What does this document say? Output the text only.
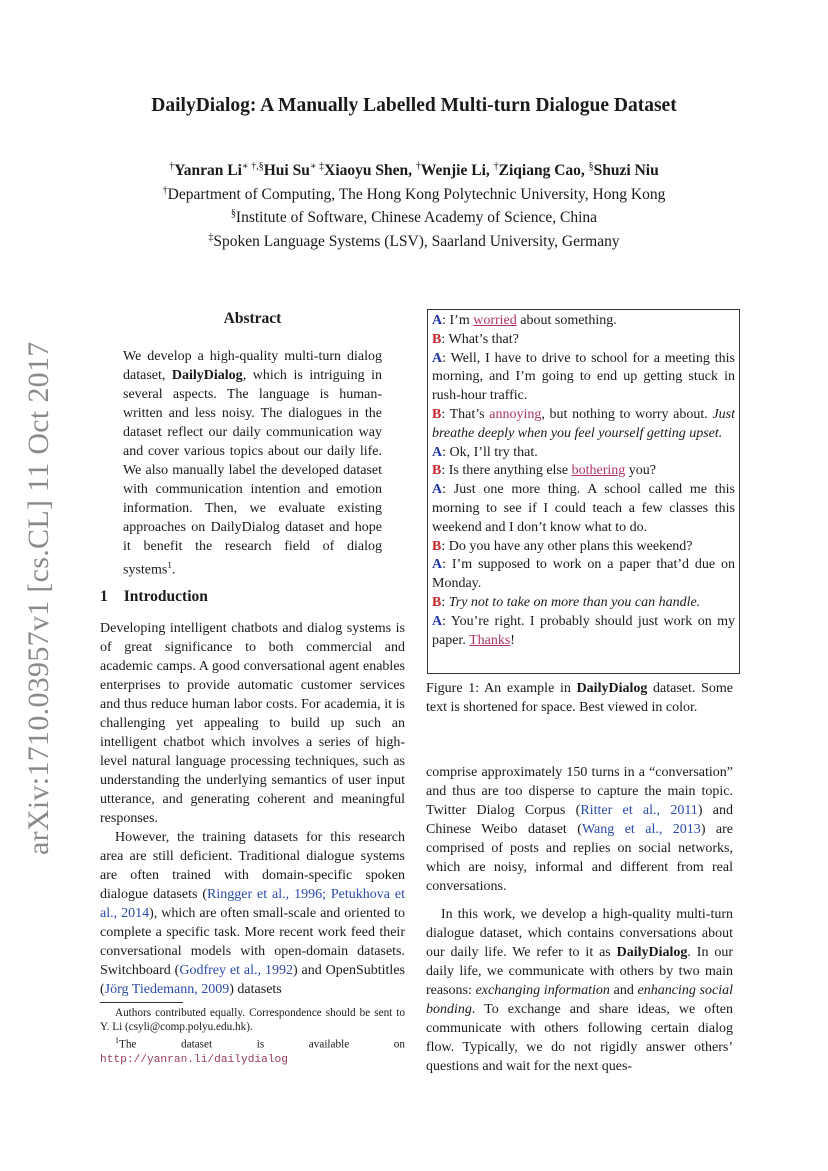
arXiv:1710.03957v1 [cs.CL] 11 Oct 2017
DailyDialog: A Manually Labelled Multi-turn Dialogue Dataset
†Yanran Li∗ †,§Hui Su∗ ‡Xiaoyu Shen, †Wenjie Li, †Ziqiang Cao, §Shuzi Niu
†Department of Computing, The Hong Kong Polytechnic University, Hong Kong
§Institute of Software, Chinese Academy of Science, China
‡Spoken Language Systems (LSV), Saarland University, Germany
Abstract
We develop a high-quality multi-turn dialog dataset, DailyDialog, which is intriguing in several aspects. The language is human-written and less noisy. The dialogues in the dataset reflect our daily communication way and cover various topics about our daily life. We also manually label the developed dataset with communication intention and emotion information. Then, we evaluate existing approaches on DailyDialog dataset and hope it benefit the research field of dialog systems$^1$.
1 Introduction

Developing intelligent chatbots and dialog systems is of great significance to both commercial and academic camps. A good conversational agent enables enterprises to provide automatic customer services and thus reduce human labor costs. For academia, it is challenging yet appealing to build up such an intelligent chatbot which involves a series of high-level natural language processing techniques, such as understanding the underlying semantics of user input utterance, and generating coherent and meaningful responses.

However, the training datasets for this research area are still deficient. Traditional dialogue systems are often trained with domain-specific spoken dialogue datasets (Ringger et al., 1996; Petukhova et al., 2014), which are often small-scale and oriented to complete a specific task. More recent work feed their conversational models with open-domain datasets. Switchboard (Godfrey et al., 1992) and OpenSubtitles (Jörg Tiedemann, 2009) datasets

Authors contributed equally. Correspondence should be sent to Y. Li (csyli@comp.polyu.edu.hk).
$^1$The dataset is available on http://yanran.li/dailydialog

A: I’m worried about something.

B: What’s that?

A: Well, I have to drive to school for a meeting this morning, and I’m going to end up getting stuck in rush-hour traffic.

B: That’s annoying, but nothing to worry about. Just breathe deeply when you feel yourself getting upset.

A: Ok, I’ll try that.

B: Is there anything else bothering you?

A: Just one more thing. A school called me this morning to see if I could teach a few classes this weekend and I don’t know what to do.

B: Do you have any other plans this weekend?

A: I’m supposed to work on a paper that’d due on Monday.

B: Try not to take on more than you can handle.

A: You’re right. I probably should just work on my paper. Thanks!

Figure 1: An example in DailyDialog dataset. Some text is shortened for space. Best viewed in color.

comprise approximately 150 turns in a “conversation” and thus are too disperse to capture the main topic. Twitter Dialog Corpus (Ritter et al., 2011) and Chinese Weibo dataset (Wang et al., 2013) are comprised of posts and replies on social networks, which are noisy, informal and different from real conversations.

In this work, we develop a high-quality multi-turn dialogue dataset, which contains conversations about our daily life. We refer to it as DailyDialog. In our daily life, we communicate with others by two main reasons: exchanging information and enhancing social bonding. To exchange and share ideas, we often communicate with others following certain dialog flow. Typically, we do not rigidly answer others’ questions and wait for the next ques-
